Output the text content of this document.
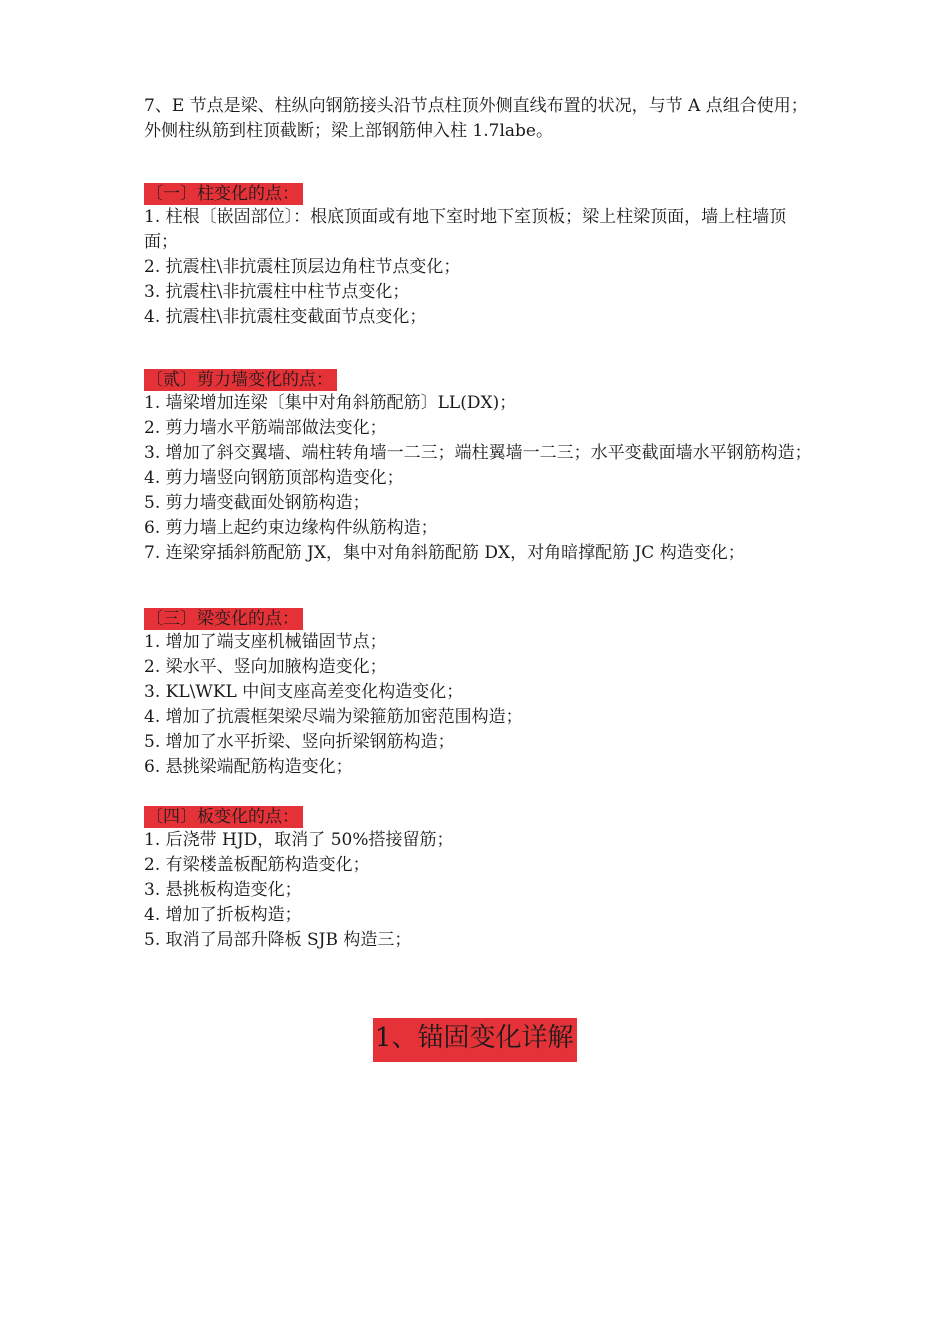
7、E 节点是梁、柱纵向钢筋接头沿节点柱顶外侧直线布置的状况，与节 A 点组合使用；外侧柱纵筋到柱顶截断；梁上部钢筋伸入柱 1.7labe。

〔一〕柱变化的点：
1. 柱根〔嵌固部位〕：根底顶面或有地下室时地下室顶板；梁上柱梁顶面，墙上柱墙顶面；
2. 抗震柱\非抗震柱顶层边角柱节点变化；
3. 抗震柱\非抗震柱中柱节点变化；
4. 抗震柱\非抗震柱变截面节点变化；
〔贰〕剪力墙变化的点：
1. 墙梁增加连梁〔集中对角斜筋配筋〕LL(DX)；
2. 剪力墙水平筋端部做法变化；
3. 增加了斜交翼墙、端柱转角墙一二三；端柱翼墙一二三；水平变截面墙水平钢筋构造；
4. 剪力墙竖向钢筋顶部构造变化；
5. 剪力墙变截面处钢筋构造；
6. 剪力墙上起约束边缘构件纵筋构造；
7. 连梁穿插斜筋配筋 JX，集中对角斜筋配筋 DX，对角暗撑配筋 JC 构造变化；
〔三〕梁变化的点：
1. 增加了端支座机械锚固节点；
2. 梁水平、竖向加腋构造变化；
3. KL\WKL 中间支座高差变化构造变化；
4. 增加了抗震框架梁尽端为梁箍筋加密范围构造；
5. 增加了水平折梁、竖向折梁钢筋构造；
6. 悬挑梁端配筋构造变化；
〔四〕板变化的点：
1. 后浇带 HJD，取消了 50%搭接留筋；
2. 有梁楼盖板配筋构造变化；
3. 悬挑板构造变化；
4. 增加了折板构造；
5. 取消了局部升降板 SJB 构造三；
1、锚固变化详解
